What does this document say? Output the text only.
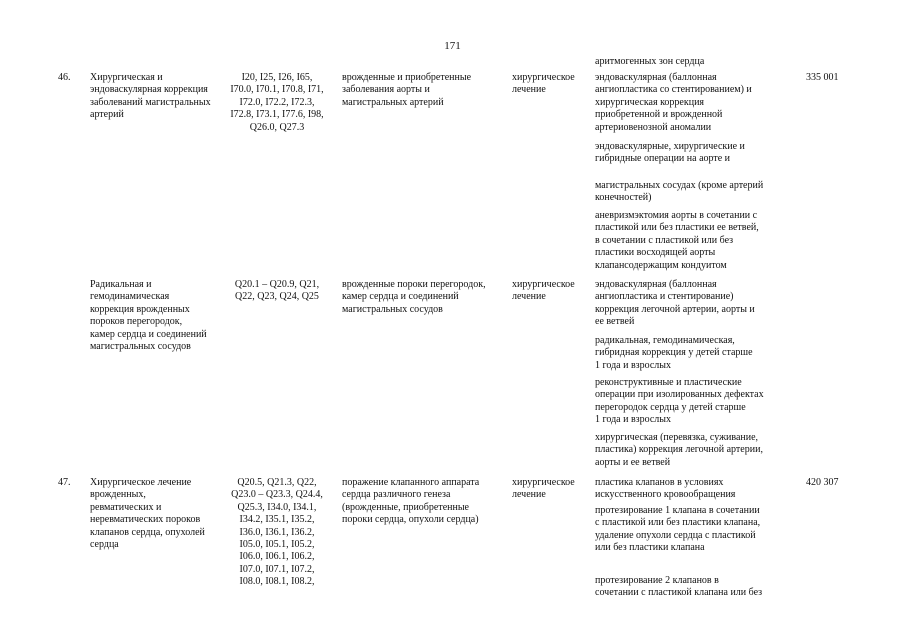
171
аритмогенных зон сердца
46. Хирургическая и
эндоваскулярная коррекция
заболеваний магистральных
артерий
I20, I25, I26, I65,
I70.0, I70.1, I70.8, I71,
I72.0, I72.2, I72.3,
I72.8, I73.1, I77.6, I98,
Q26.0, Q27.3
врожденные и приобретенные
заболевания аорты и
магистральных артерий
хирургическое
лечение
эндоваскулярная (баллонная
ангиопластика со стентированием) и
хирургическая коррекция
приобретенной и врожденной
артериовенозной аномалии
эндоваскулярные, хирургические и
гибридные операции на аорте и
магистральных сосудах (кроме артерий
конечностей)
аневризмэктомия аорты в сочетании с
пластикой или без пластики ее ветвей,
в сочетании с пластикой или без
пластики восходящей аорты
клапансодержащим кондуитом
335 001
Радикальная и
гемодинамическая
коррекция врожденных
пороков перегородок,
камер сердца и соединений
магистральных сосудов
Q20.1 – Q20.9, Q21,
Q22, Q23, Q24, Q25
врожденные пороки перегородок,
камер сердца и соединений
магистральных сосудов
хирургическое
лечение
эндоваскулярная (баллонная
ангиопластика и стентирование)
коррекция легочной артерии, аорты и
ее ветвей
радикальная, гемодинамическая,
гибридная коррекция у детей старше
1 года и взрослых
реконструктивные и пластические
операции при изолированных дефектах
перегородок сердца у детей старше
1 года и взрослых
хирургическая (перевязка, суживание,
пластика) коррекция легочной артерии,
аорты и ее ветвей
47. Хирургическое лечение
врожденных,
ревматических и
неревматических пороков
клапанов сердца, опухолей
сердца
Q20.5, Q21.3, Q22,
Q23.0 – Q23.3, Q24.4,
Q25.3, I34.0, I34.1,
I34.2, I35.1, I35.2,
I36.0, I36.1, I36.2,
I05.0, I05.1, I05.2,
I06.0, I06.1, I06.2,
I07.0, I07.1, I07.2,
I08.0, I08.1, I08.2,
поражение клапанного аппарата
сердца различного генеза
(врожденные, приобретенные
пороки сердца, опухоли сердца)
хирургическое
лечение
пластика клапанов в условиях
искусственного кровообращения
протезирование 1 клапана в сочетании
с пластикой или без пластики клапана,
удаление опухоли сердца с пластикой
или без пластики клапана
протезирование 2 клапанов в
сочетании с пластикой клапана или без
420 307
